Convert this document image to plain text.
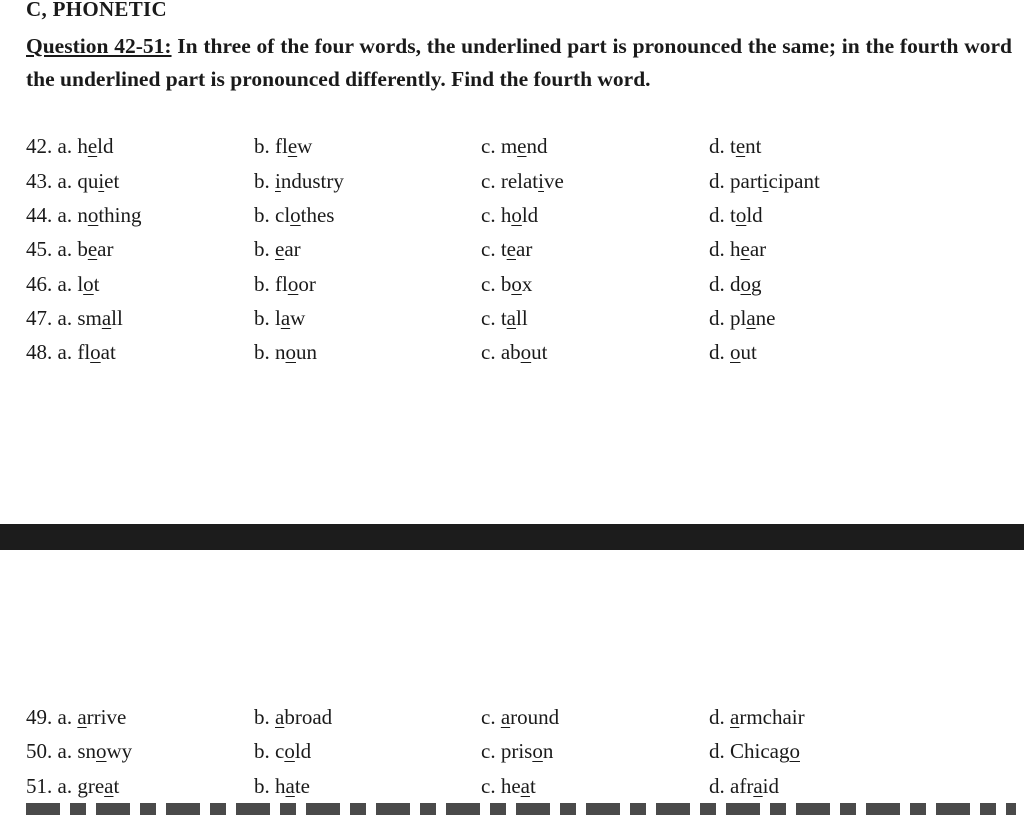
C, PHONETIC
Question 42-51: In three of the four words, the underlined part is pronounced the same; in the fourth word the underlined part is pronounced differently. Find the fourth word.
42. a. held	b. flew	c. mend	d. tent
43. a. quiet	b. industry	c. relative	d. participant
44. a. nothing	b. clothes	c. hold	d. told
45. a. bear	b. ear	c. tear	d. hear
46. a. lot	b. floor	c. box	d. dog
47. a. small	b. law	c. tall	d. plane
48. a. float	b. noun	c. about	d. out
49. a. arrive	b. abroad	c. around	d. armchair
50. a. snowy	b. cold	c. prison	d. Chicago
51. a. great	b. hate	c. heat	d. afraid
